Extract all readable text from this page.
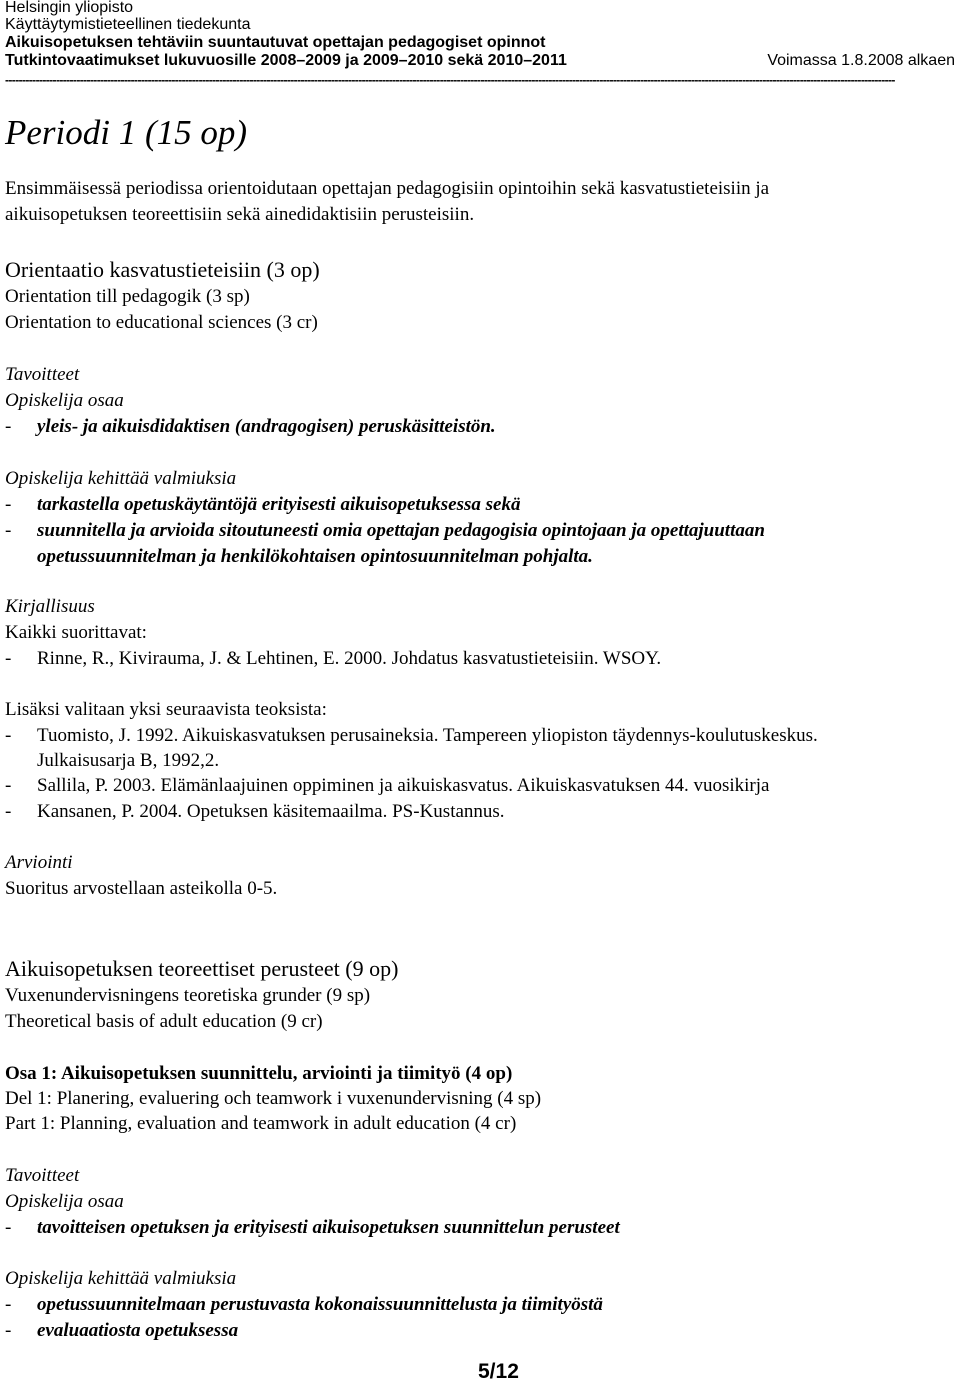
Helsingin yliopisto
Käyttäytymistieteellinen tiedekunta
Aikuisopetuksen tehtäviin suuntautuvat opettajan pedagogiset opinnot
Tutkintovaatimukset lukuvuosille 2008–2009 ja 2009–2010 sekä 2010–2011	Voimassa 1.8.2008 alkaen
----------------------------------------------------------------------------------------------------------------------------------------------------------------------------------------------------------------------------------------------------------------------
Periodi 1 (15 op)
Ensimmäisessä periodissa orientoidutaan opettajan pedagogisiin opintoihin sekä kasvatustieteisiin ja
aikuisopetuksen teoreettisiin sekä ainedidaktisiin perusteisiin.
Orientaatio kasvatustieteisiin (3 op)
Orientation till pedagogik (3 sp)
Orientation to educational sciences (3 cr)
Tavoitteet
Opiskelija osaa
- yleis- ja aikuisdidaktisen (andragogisen) peruskäsitteistön.
Opiskelija kehittää valmiuksia
- tarkastella opetuskäytäntöjä erityisesti aikuisopetuksessa sekä
- suunnitella ja arvioida sitoutuneesti omia opettajan pedagogisia opintojaan ja opettajuuttaan
opetussuunnitelman ja henkilökohtaisen opintosuunnitelman pohjalta.
Kirjallisuus
Kaikki suorittavat:
- Rinne, R., Kivirauma, J. & Lehtinen, E. 2000. Johdatus kasvatustieteisiin. WSOY.
Lisäksi valitaan yksi seuraavista teoksista:
- Tuomisto, J. 1992. Aikuiskasvatuksen perusaineksia. Tampereen yliopiston täydennys-koulutuskeskus.
Julkaisusarja B, 1992,2.
- Sallila, P. 2003. Elämänlaajuinen oppiminen ja aikuiskasvatus. Aikuiskasvatuksen 44. vuosikirja
- Kansanen, P. 2004. Opetuksen käsitemaailma. PS-Kustannus.
Arviointi
Suoritus arvostellaan asteikolla 0-5.
Aikuisopetuksen teoreettiset perusteet (9 op)
Vuxenundervisningens teoretiska grunder (9 sp)
Theoretical basis of adult education (9 cr)
Osa 1: Aikuisopetuksen suunnittelu, arviointi ja tiimityö (4 op)
Del 1: Planering, evaluering och teamwork i vuxenundervisning (4 sp)
Part 1: Planning, evaluation and teamwork in adult education (4 cr)
Tavoitteet
Opiskelija osaa
- tavoitteisen opetuksen ja erityisesti aikuisopetuksen suunnittelun perusteet
Opiskelija kehittää valmiuksia
- opetussuunnitelmaan perustuvasta kokonaissuunnittelusta ja tiimityöstä
- evaluaatiosta opetuksessa
5/12
